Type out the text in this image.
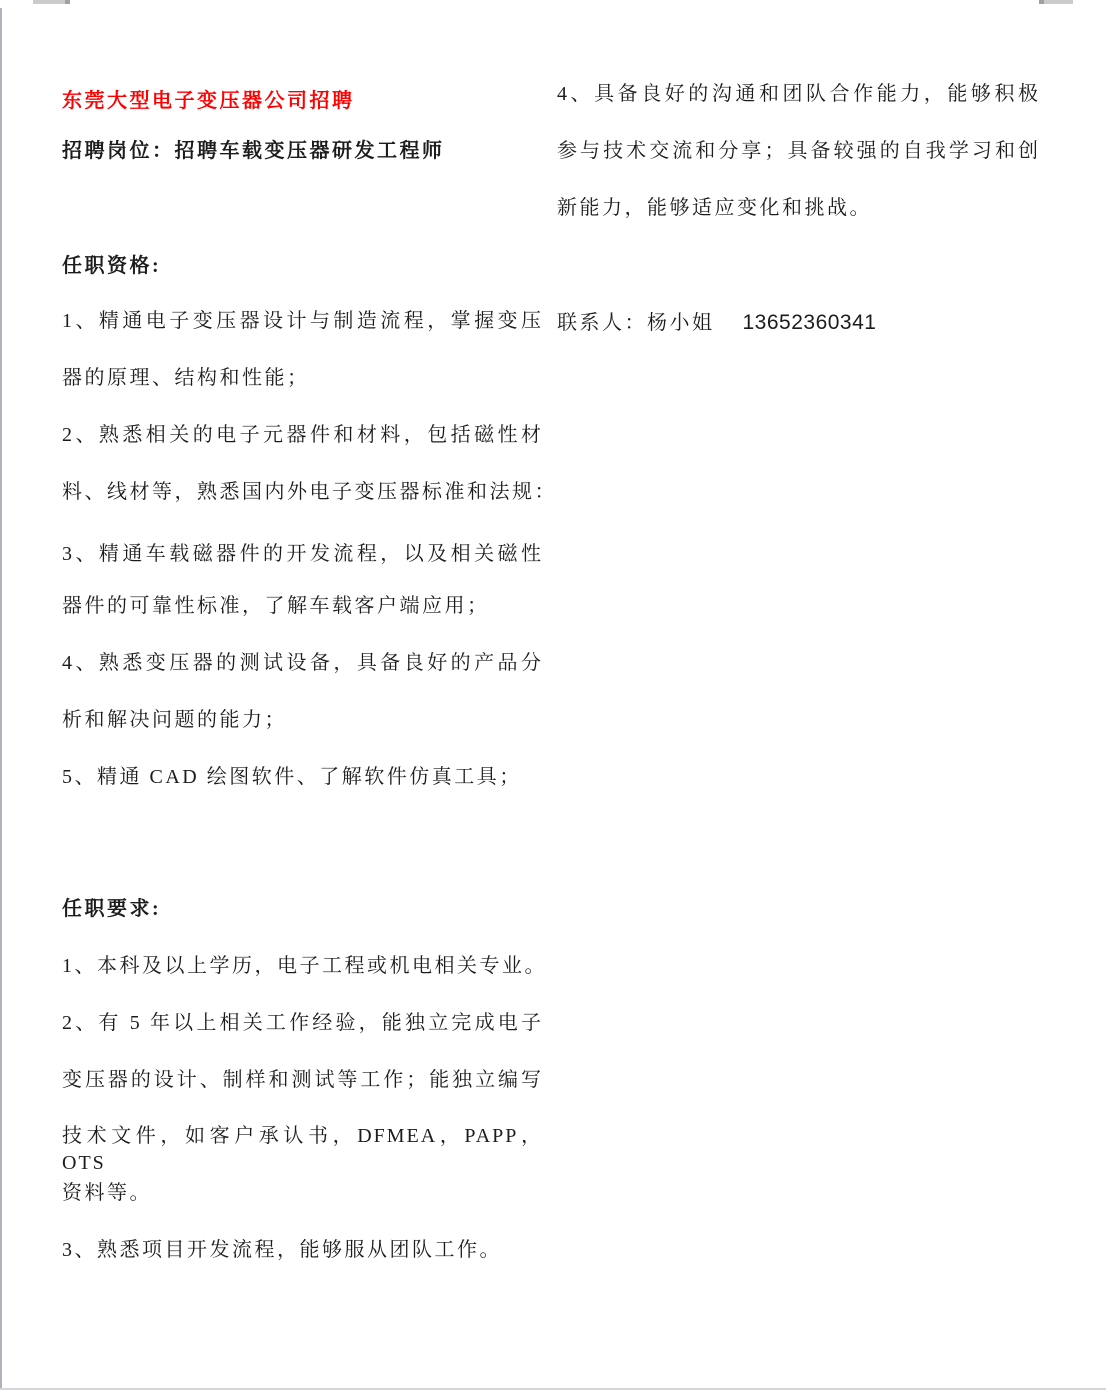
东莞大型电子变压器公司招聘
招聘岗位：招聘车载变压器研发工程师
任职资格:
1、精通电子变压器设计与制造流程，掌握变压
器的原理、结构和性能；
2、熟悉相关的电子元器件和材料，包括磁性材
料、线材等，熟悉国内外电子变压器标准和法规：
3、精通车载磁器件的开发流程，以及相关磁性
器件的可靠性标准，了解车载客户端应用；
4、熟悉变压器的测试设备，具备良好的产品分
析和解决问题的能力；
5、精通 CAD 绘图软件、了解软件仿真工具；
任职要求:
1、本科及以上学历，电子工程或机电相关专业。
2、有 5 年以上相关工作经验，能独立完成电子
变压器的设计、制样和测试等工作；能独立编写
技术文件，如客户承认书，DFMEA，PAPP，OTS
资料等。
3、熟悉项目开发流程，能够服从团队工作。
4、具备良好的沟通和团队合作能力，能够积极
参与技术交流和分享；具备较强的自我学习和创
新能力，能够适应变化和挑战。
联系人：杨小姐 13652360341
